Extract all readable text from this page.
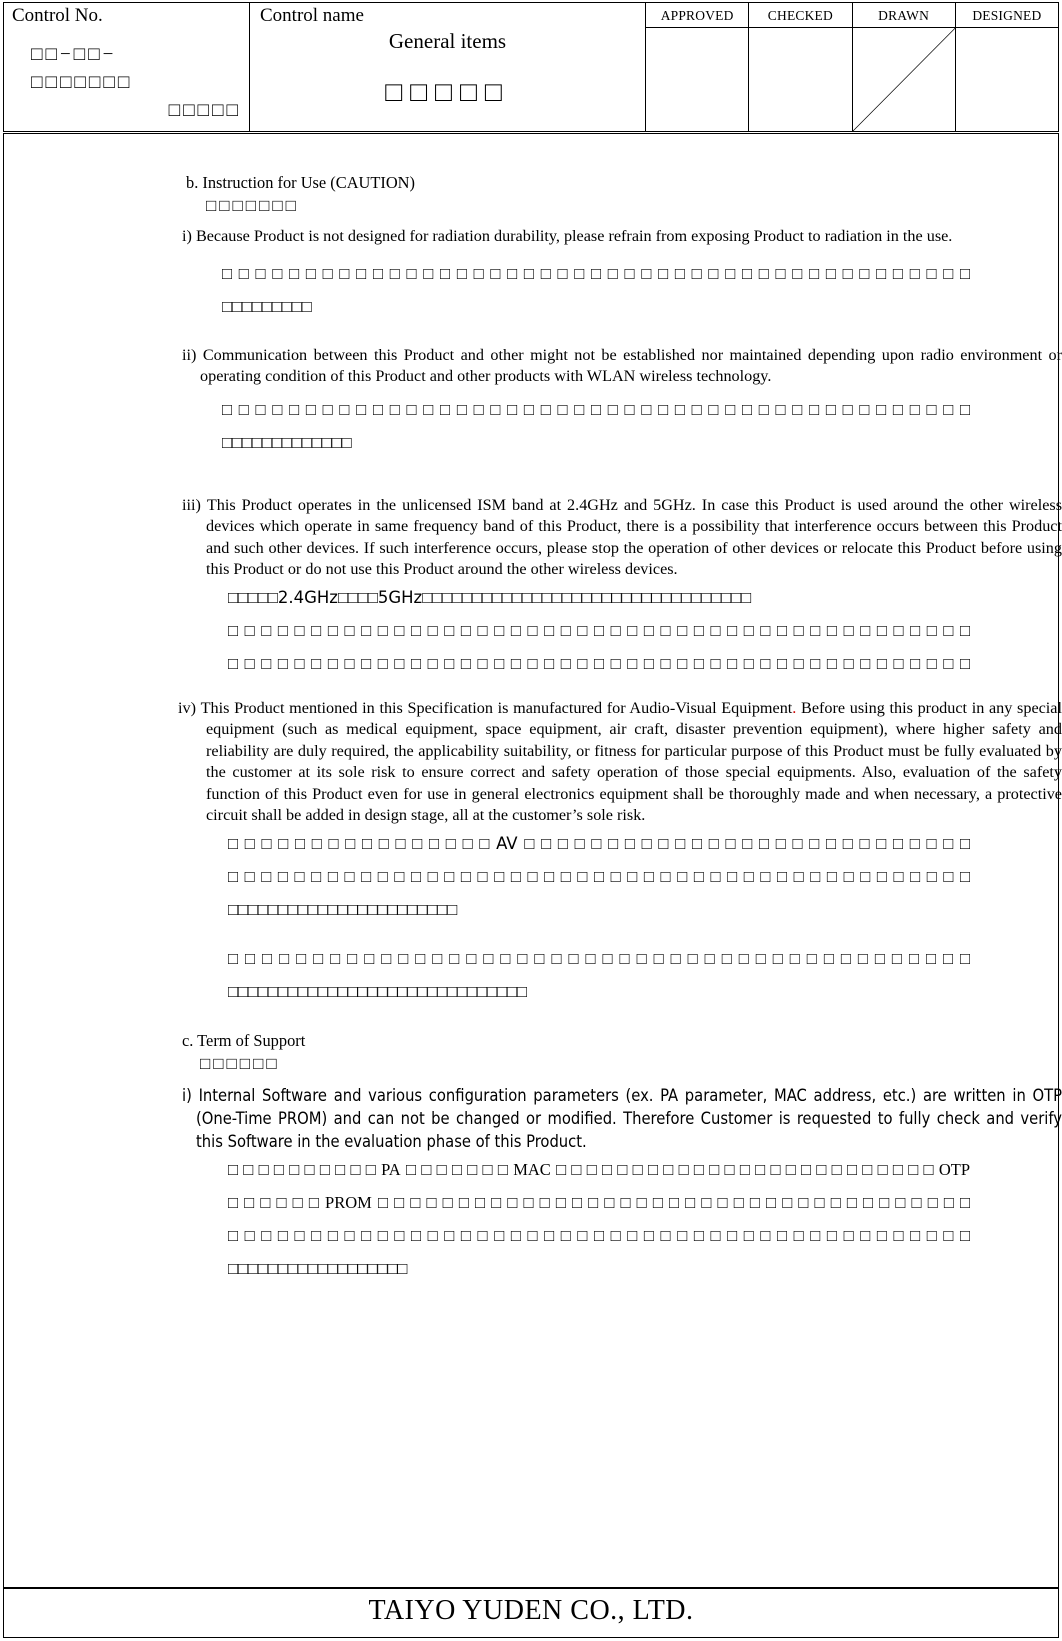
Control No.
□□−□□−
□□□□□□□
□□□□□
Control name
General items
□□□□□
APPROVED	CHECKED	DRAWN	DESIGNED
b. Instruction for Use (CAUTION)
□□□□□□□
i) Because Product is not designed for radiation durability, please refrain from exposing Product to radiation in the use.
□□□□□□□□□□□□□□□□□□□□□□□□□□□□□□□□□□□□□□□□□□□□□
□□□□□□□□□
ii) Communication between this Product and other might not be established nor maintained depending upon radio environment or operating condition of this Product and other products with WLAN wireless technology.
□□□□□□□□□□□□□□□□□□□□□□□□□□□□□□□□□□□□□□□□□□□□□
□□□□□□□□□□□□□
iii) This Product operates in the unlicensed ISM band at 2.4GHz and 5GHz. In case this Product is used around the other wireless devices which operate in same frequency band of this Product, there is a possibility that interference occurs between this Product and such other devices. If such interference occurs, please stop the operation of other devices or relocate this Product before using this Product or do not use this Product around the other wireless devices.
□□□□□2.4GHz□□□□5GHz□□□□□□□□□□□□□□□□□□□□□□□□□□□□□□□□□
□□□□□□□□□□□□□□□□□□□□□□□□□□□□□□□□□□□□□□□□□□□□□
□□□□□□□□□□□□□□□□□□□□□□□□□□□□□□□□□□□□□□□□□□□□□
iv) This Product mentioned in this Specification is manufactured for Audio-Visual Equipment. Before using this product in any special equipment (such as medical equipment, space equipment, air craft, disaster prevention equipment), where higher safety and reliability are duly required, the applicability suitability, or fitness for particular purpose of this Product must be fully evaluated by the customer at its sole risk to ensure correct and safety operation of those special equipments. Also, evaluation of the safety function of this Product even for use in general electronics equipment shall be thoroughly made and when necessary, a protective circuit shall be added in design stage, all at the customer’s sole risk.
□□□□□□□□□□□□□□□□AV□□□□□□□□□□□□□□□□□□□□□□□□□□□
□□□□□□□□□□□□□□□□□□□□□□□□□□□□□□□□□□□□□□□□□□□□□
□□□□□□□□□□□□□□□□□□□□□□□
□□□□□□□□□□□□□□□□□□□□□□□□□□□□□□□□□□□□□□□□□□□□
□□□□□□□□□□□□□□□□□□□□□□□□□□□□□□
c. Term of Support
□□□□□□
i) Internal Software and various configuration parameters (ex. PA parameter, MAC address, etc.) are written in OTP (One-Time PROM) and can not be changed or modified. Therefore Customer is requested to fully check and verify this Software in the evaluation phase of this Product.
□□□□□□□□□□PA□□□□□□□MAC□□□□□□□□□□□□□□□□□□□□□□□□□OTP
□□□□□□PROM□□□□□□□□□□□□□□□□□□□□□□□□□□□□□□□□□□□□□
□□□□□□□□□□□□□□□□□□□□□□□□□□□□□□□□□□□□□□□□□□□□□
□□□□□□□□□□□□□□□□□□
TAIYO YUDEN CO., LTD.
